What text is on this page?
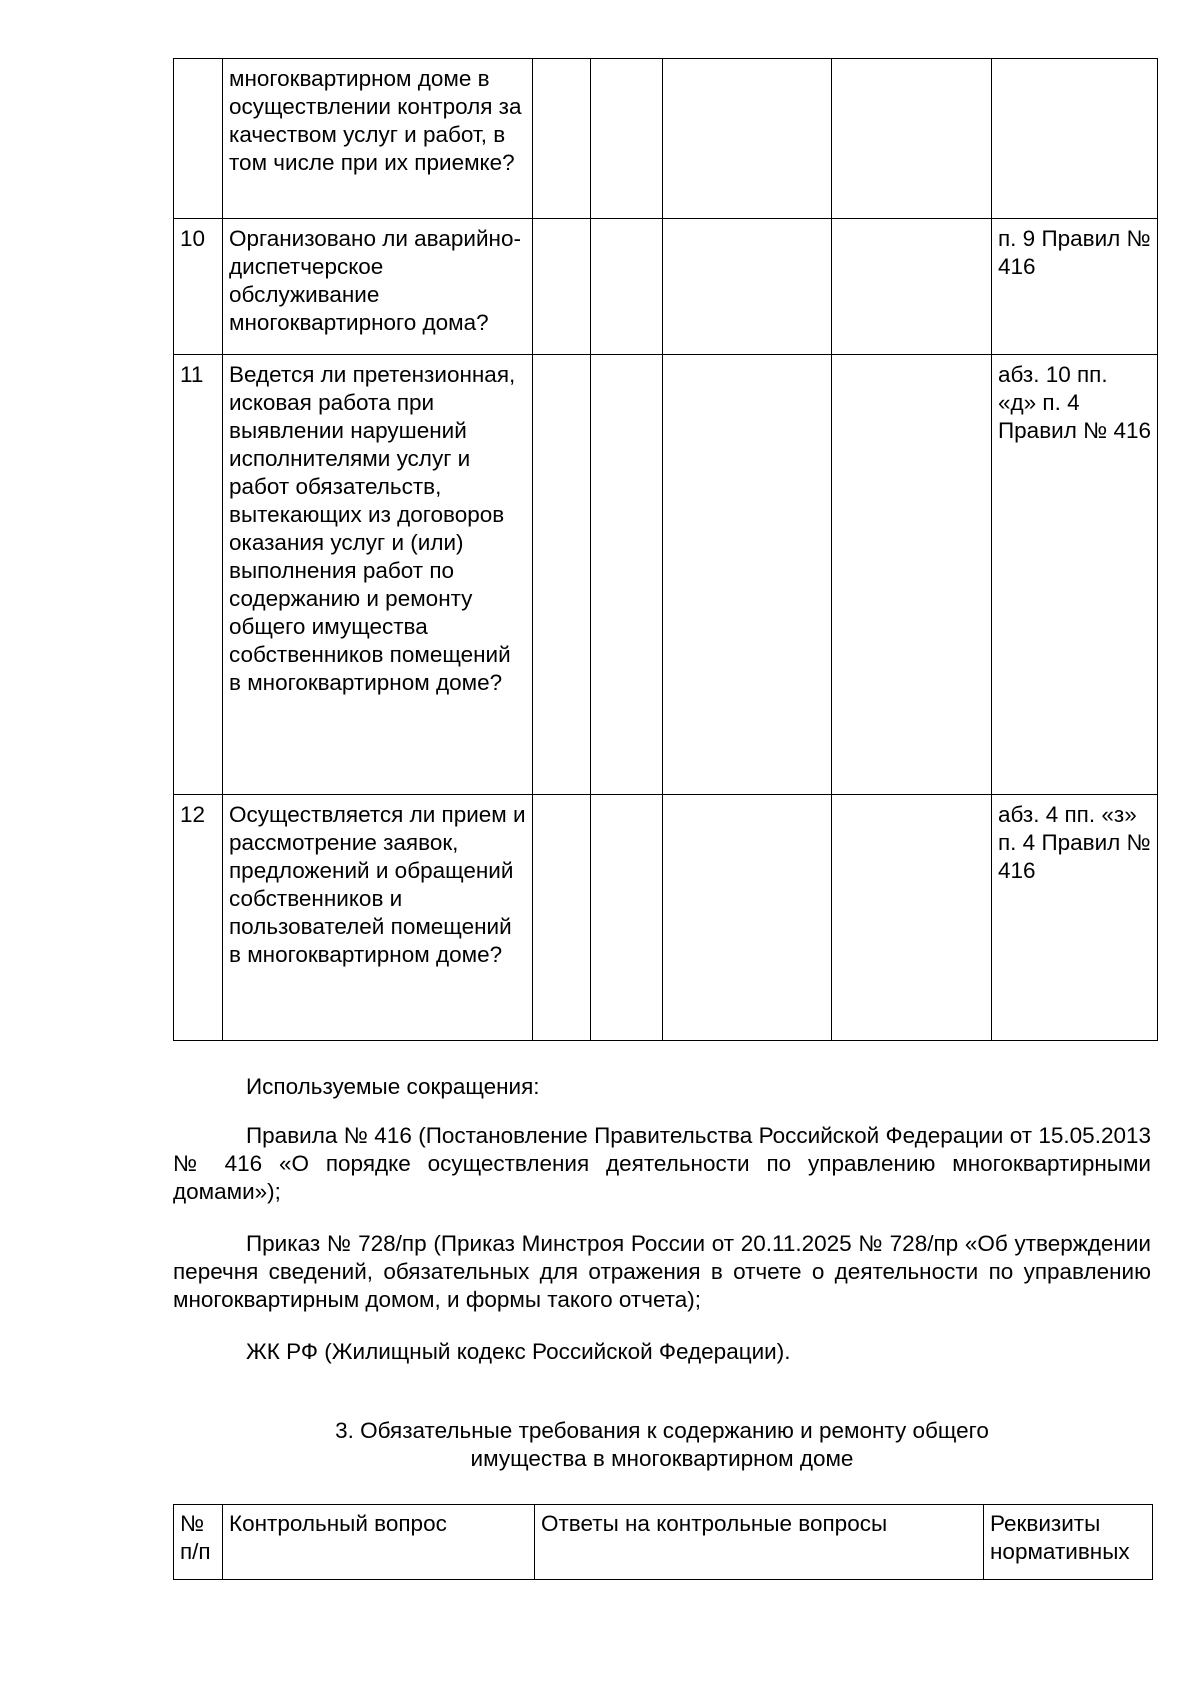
	многоквартирном доме в осуществлении контроля за качеством услуг и работ, в том числе при их приемке?					
10	Организовано ли аварийно-диспетчерское обслуживание многоквартирного дома?					п. 9 Правил № 416
11	Ведется ли претензионная, исковая работа при выявлении нарушений исполнителями услуг и работ обязательств, вытекающих из договоров оказания услуг и (или) выполнения работ по содержанию и ремонту общего имущества собственников помещений в многоквартирном доме?					абз. 10 пп. «д» п. 4 Правил № 416
12	Осуществляется ли прием и рассмотрение заявок, предложений и обращений собственников и пользователей помещений в многоквартирном доме?					абз. 4 пп. «з» п. 4 Правил № 416

Используемые сокращения:

Правила № 416 (Постановление Правительства Российской Федерации от 15.05.2013 № 416 «О порядке осуществления деятельности по управлению многоквартирными домами»);

Приказ № 728/пр (Приказ Минстроя России от 20.11.2025 № 728/пр «Об утверждении перечня сведений, обязательных для отражения в отчете о деятельности по управлению многоквартирным домом, и формы такого отчета);

ЖК РФ (Жилищный кодекс Российской Федерации).

3. Обязательные требования к содержанию и ремонту общего
имущества в многоквартирном доме
№ п/п	Контрольный вопрос	Ответы на контрольные вопросы	Реквизиты нормативных
